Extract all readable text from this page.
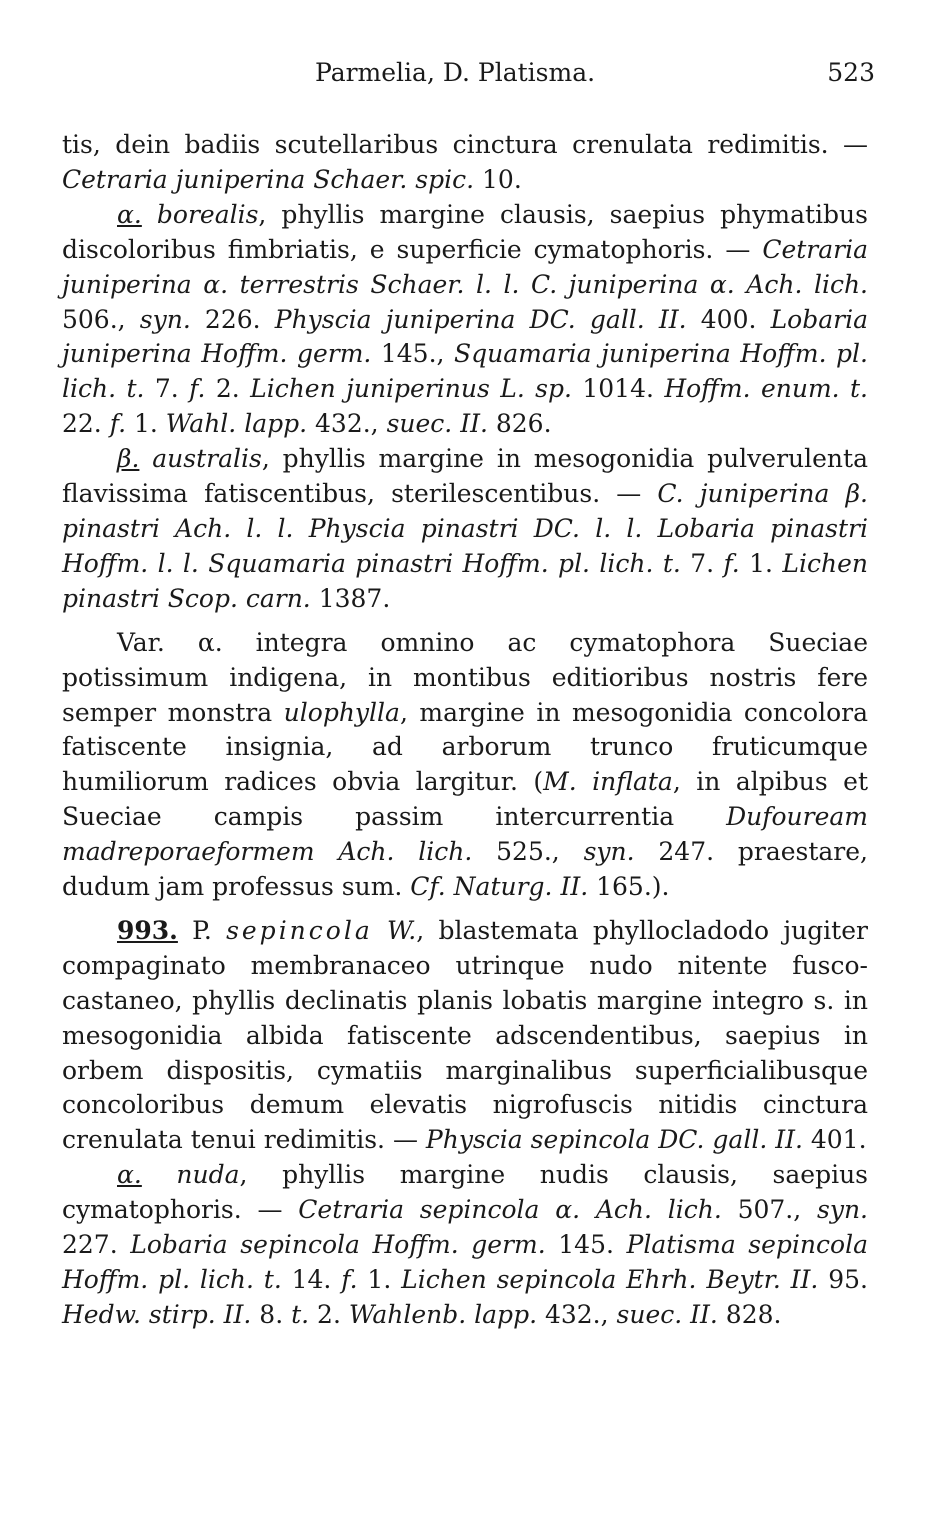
Parmelia, D. Platisma.	523

tis, dein badiis scutellaribus cinctura crenulata redimitis. — Cetraria juniperina Schaer. spic. 10.

α. borealis, phyllis margine clausis, saepius phymatibus discoloribus fimbriatis, e superficie cymatophoris. — Cetraria juniperina α. terrestris Schaer. l. l. C. juniperina α. Ach. lich. 506., syn. 226. Physcia juniperina DC. gall. II. 400. Lobaria juniperina Hoffm. germ. 145., Squamaria juniperina Hoffm. pl. lich. t. 7. f. 2. Lichen juniperinus L. sp. 1014. Hoffm. enum. t. 22. f. 1. Wahl. lapp. 432., suec. II. 826.

β. australis, phyllis margine in mesogonidia pulverulenta flavissima fatiscentibus, sterilescentibus. — C. juniperina β. pinastri Ach. l. l. Physcia pinastri DC. l. l. Lobaria pinastri Hoffm. l. l. Squamaria pinastri Hoffm. pl. lich. t. 7. f. 1. Lichen pinastri Scop. carn. 1387.

Var. α. integra omnino ac cymatophora Sueciae potissimum indigena, in montibus editioribus nostris fere semper monstra ulophylla, margine in mesogonidia concolora fatiscente insignia, ad arborum trunco fruticumque humiliorum radices obvia largitur. (M. inflata, in alpibus et Sueciae campis passim intercurrentia Dufouream madreporaeformem Ach. lich. 525., syn. 247. praestare, dudum jam professus sum. Cf. Naturg. II. 165.).

993. P. sepincola W., blastemata phyllocladodo jugiter compaginato membranaceo utrinque nudo nitente fusco-castaneo, phyllis declinatis planis lobatis margine integro s. in mesogonidia albida fatiscente adscendentibus, saepius in orbem dispositis, cymatiis marginalibus superficialibusque concoloribus demum elevatis nigrofuscis nitidis cinctura crenulata tenui redimitis. — Physcia sepincola DC. gall. II. 401.

α. nuda, phyllis margine nudis clausis, saepius cymatophoris. — Cetraria sepincola α. Ach. lich. 507., syn. 227. Lobaria sepincola Hoffm. germ. 145. Platisma sepincola Hoffm. pl. lich. t. 14. f. 1. Lichen sepincola Ehrh. Beytr. II. 95. Hedw. stirp. II. 8. t. 2. Wahlenb. lapp. 432., suec. II. 828.
